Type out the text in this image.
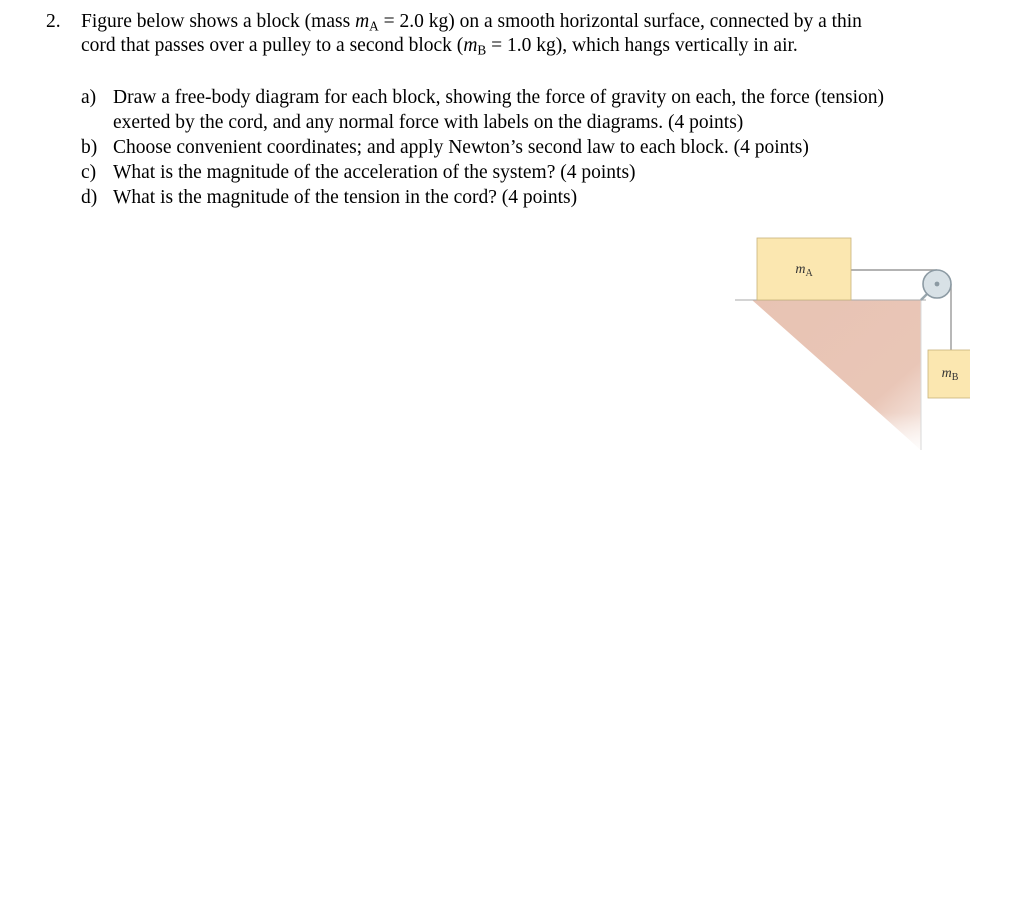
2. Figure below shows a block (mass $m_A = 2.0$ kg) on a smooth horizontal surface, connected by a thin
cord that passes over a pulley to a second block ($m_B = 1.0$ kg), which hangs vertically in air.
a) Draw a free-body diagram for each block, showing the force of gravity on each, the force (tension)
exerted by the cord, and any normal force with labels on the diagrams. (4 points)
b) Choose convenient coordinates; and apply Newton’s second law to each block. (4 points)
c) What is the magnitude of the acceleration of the system? (4 points)
d) What is the magnitude of the tension in the cord? (4 points)
$m_A$
$m_B$
